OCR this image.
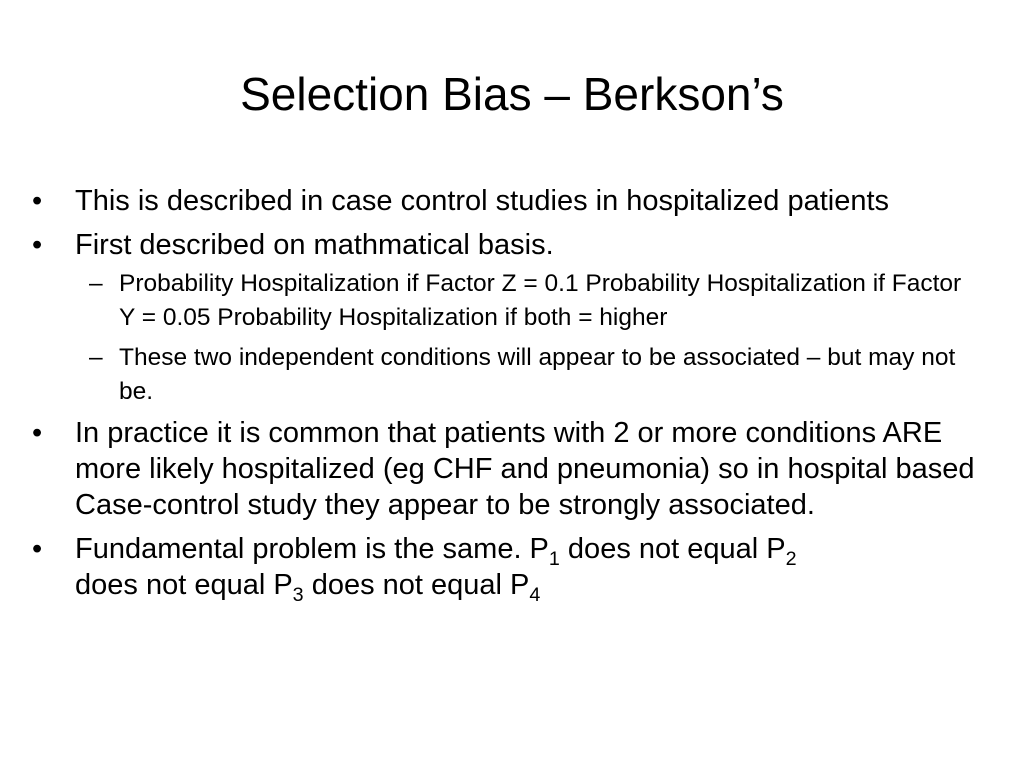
Selection Bias – Berkson’s
•	This is described in case control studies in hospitalized patients
•	First described on mathmatical basis.
– Probability Hospitalization if Factor Z = 0.1 Probability Hospitalization if Factor Y = 0.05 Probability Hospitalization if both = higher
– These two independent conditions will appear to be associated – but may not be.
•	In practice it is common that patients with 2 or more conditions ARE more likely hospitalized (eg CHF and pneumonia) so in hospital based Case-control study they appear to be strongly associated.
•	Fundamental problem is the same. $P_1$ does not equal $P_2$
does not equal $P_3$ does not equal $P_4$
